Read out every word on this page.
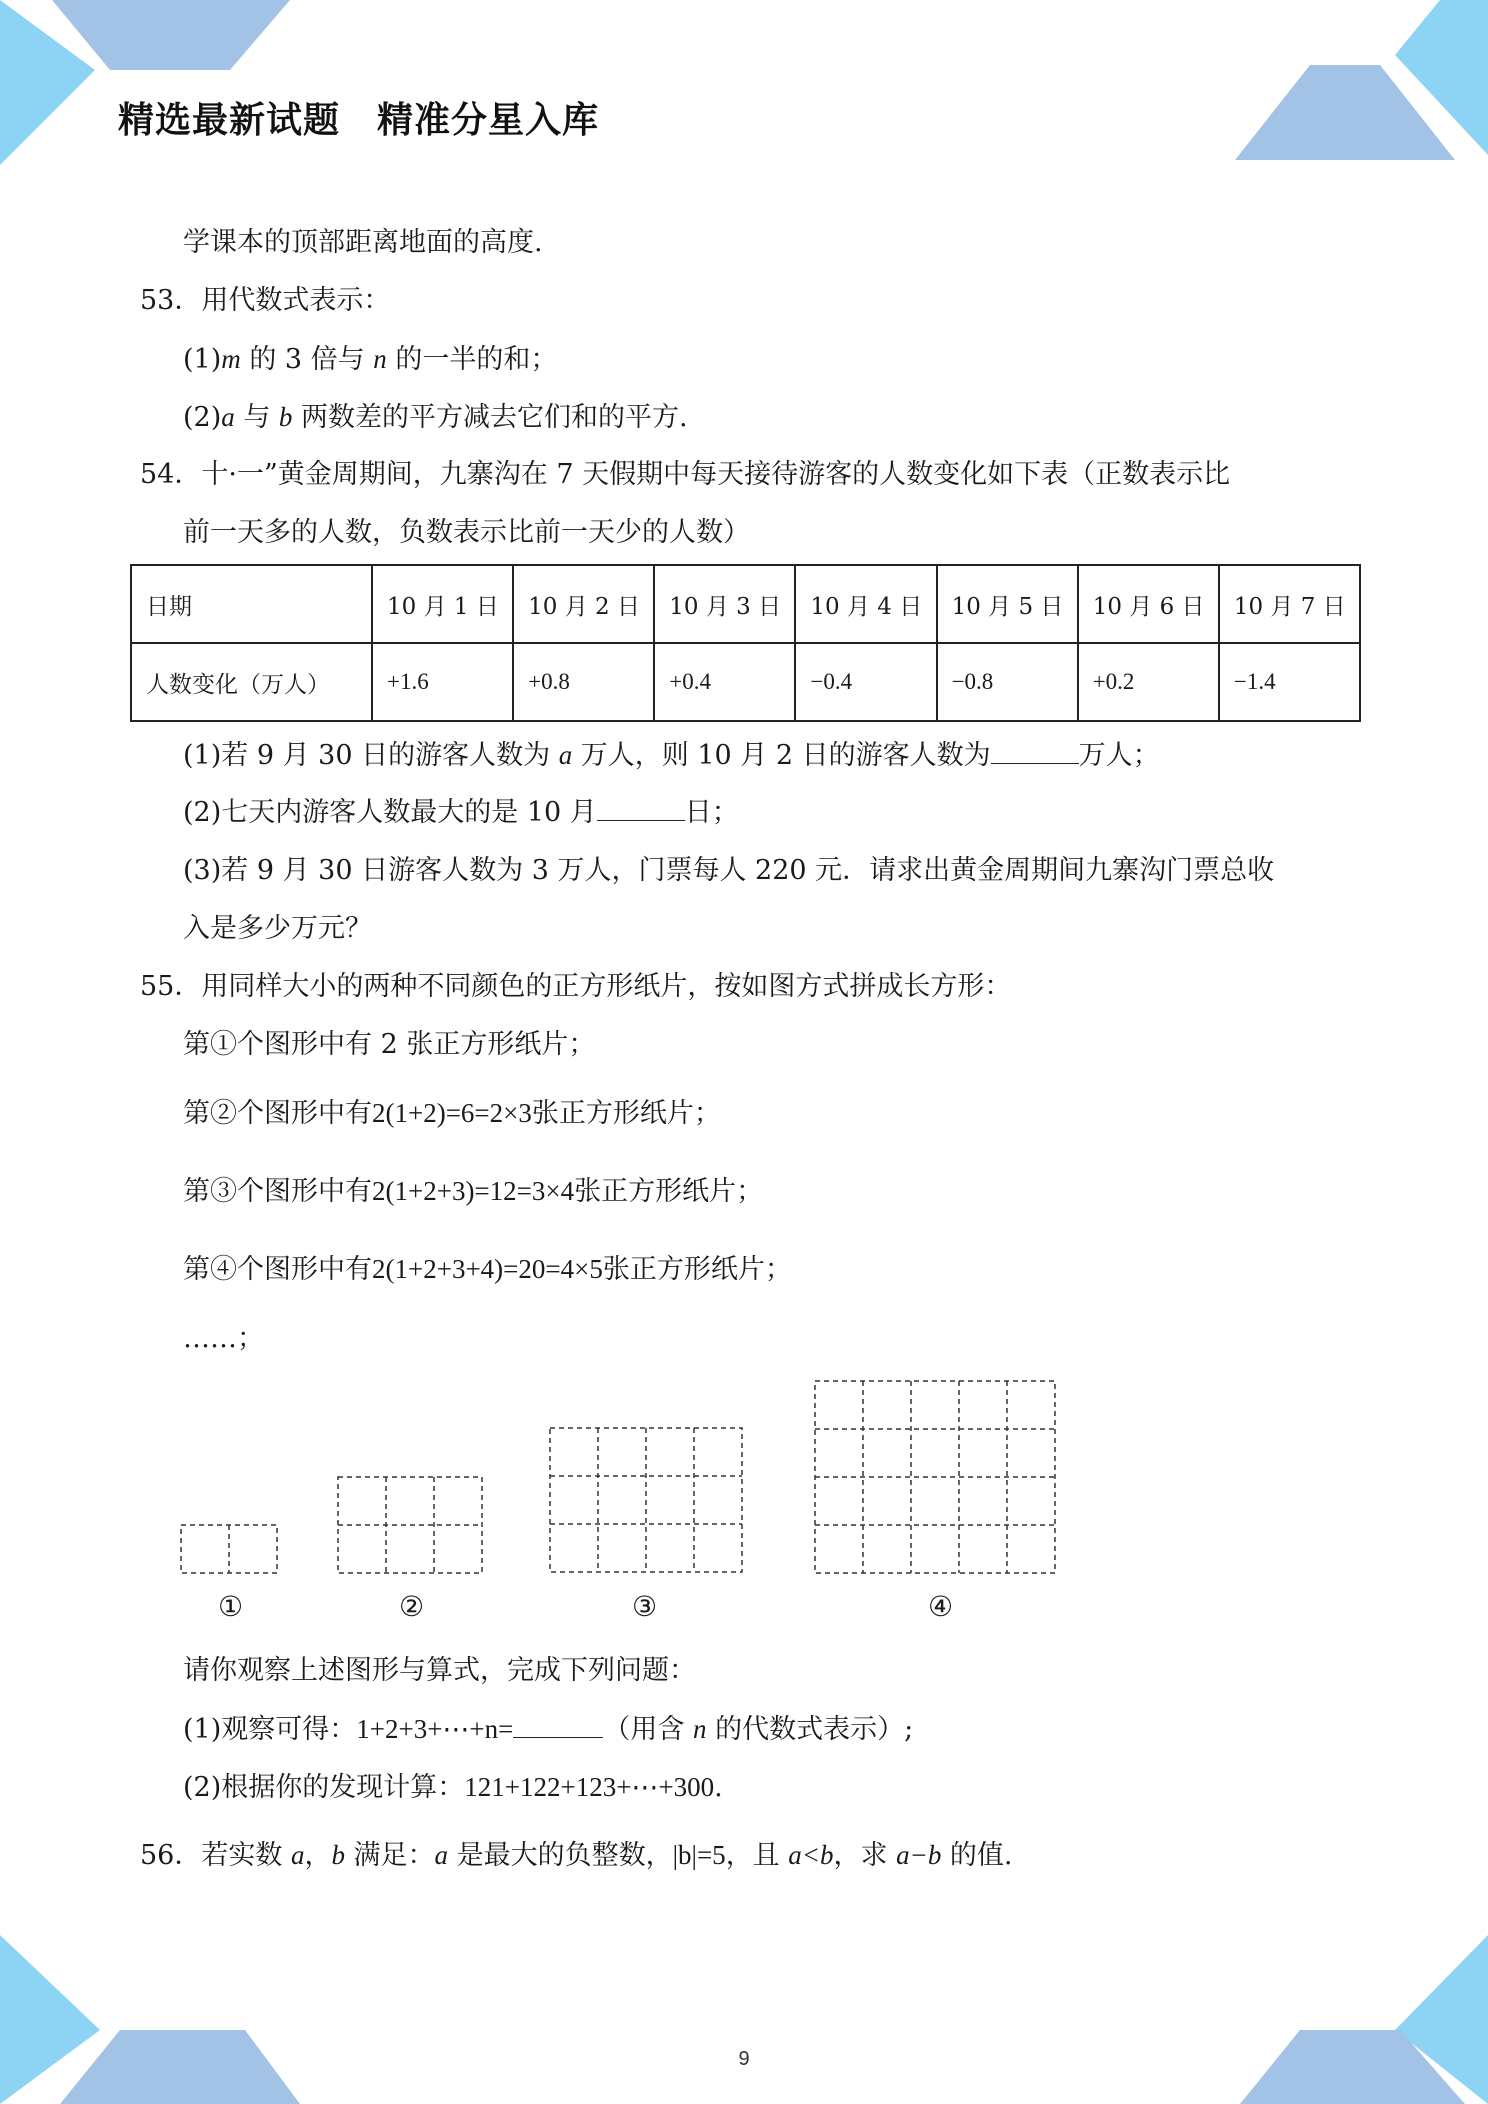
精选最新试题　精准分星入库
学课本的顶部距离地面的高度.
53．用代数式表示：
(1)m 的 3 倍与 n 的一半的和；
(2)a 与 b 两数差的平方减去它们和的平方.
54．十·一”黄金周期间，九寨沟在 7 天假期中每天接待游客的人数变化如下表（正数表示比
前一天多的人数，负数表示比前一天少的人数）
日期	10 月 1 日	10 月 2 日	10 月 3 日	10 月 4 日	10 月 5 日	10 月 6 日	10 月 7 日
人数变化（万人）	+1.6	+0.8	+0.4	−0.4	−0.8	+0.2	−1.4
(1)若 9 月 30 日的游客人数为 a 万人，则 10 月 2 日的游客人数为	万人；
(2)七天内游客人数最大的是 10 月	日；
(3)若 9 月 30 日游客人数为 3 万人，门票每人 220 元．请求出黄金周期间九寨沟门票总收
入是多少万元？
55．用同样大小的两种不同颜色的正方形纸片，按如图方式拼成长方形：
第①个图形中有 2 张正方形纸片；
第②个图形中有2(1+2)=6=2×3张正方形纸片；
第③个图形中有2(1+2+3)=12=3×4张正方形纸片；
第④个图形中有2(1+2+3+4)=20=4×5张正方形纸片；
……；
①	②	③	④
请你观察上述图形与算式，完成下列问题：
(1)观察可得：1+2+3+⋯+n=	（用含 n 的代数式表示）;
(2)根据你的发现计算：121+122+123+⋯+300.
56．若实数 a，b 满足：a 是最大的负整数，|b|=5，且 a<b，求 a−b 的值.
9
